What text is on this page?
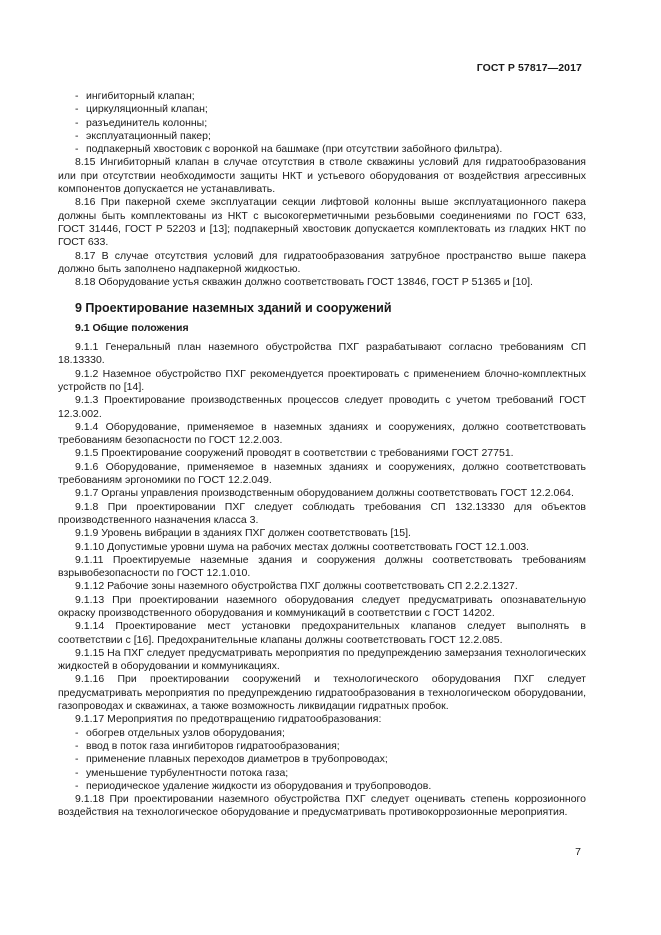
ГОСТ Р 57817—2017
- ингибиторный клапан;
- циркуляционный клапан;
- разъединитель колонны;
- эксплуатационный пакер;
- подпакерный хвостовик с воронкой на башмаке (при отсутствии забойного фильтра).

8.15 Ингибиторный клапан в случае отсутствия в стволе скважины условий для гидратообразования или при отсутствии необходимости защиты НКТ и устьевого оборудования от воздействия агрессивных компонентов допускается не устанавливать.

8.16 При пакерной схеме эксплуатации секции лифтовой колонны выше эксплуатационного пакера должны быть комплектованы из НКТ с высокогерметичными резьбовыми соединениями по ГОСТ 633, ГОСТ 31446, ГОСТ Р 52203 и [13]; подпакерный хвостовик допускается комплектовать из гладких НКТ по ГОСТ 633.

8.17 В случае отсутствия условий для гидратообразования затрубное пространство выше пакера должно быть заполнено надпакерной жидкостью.

8.18 Оборудование устья скважин должно соответствовать ГОСТ 13846, ГОСТ Р 51365 и [10].

9 Проектирование наземных зданий и сооружений
9.1 Общие положения

9.1.1 Генеральный план наземного обустройства ПХГ разрабатывают согласно требованиям СП 18.13330.

9.1.2 Наземное обустройство ПХГ рекомендуется проектировать с применением блочно-комплектных устройств по [14].

9.1.3 Проектирование производственных процессов следует проводить с учетом требований ГОСТ 12.3.002.

9.1.4 Оборудование, применяемое в наземных зданиях и сооружениях, должно соответствовать требованиям безопасности по ГОСТ 12.2.003.

9.1.5 Проектирование сооружений проводят в соответствии с требованиями ГОСТ 27751.

9.1.6 Оборудование, применяемое в наземных зданиях и сооружениях, должно соответствовать требованиям эргономики по ГОСТ 12.2.049.

9.1.7 Органы управления производственным оборудованием должны соответствовать ГОСТ 12.2.064.

9.1.8 При проектировании ПХГ следует соблюдать требования СП 132.13330 для объектов производственного назначения класса 3.

9.1.9 Уровень вибрации в зданиях ПХГ должен соответствовать [15].

9.1.10 Допустимые уровни шума на рабочих местах должны соответствовать ГОСТ 12.1.003.

9.1.11 Проектируемые наземные здания и сооружения должны соответствовать требованиям взрывобезопасности по ГОСТ 12.1.010.

9.1.12 Рабочие зоны наземного обустройства ПХГ должны соответствовать СП 2.2.2.1327.

9.1.13 При проектировании наземного оборудования следует предусматривать опознавательную окраску производственного оборудования и коммуникаций в соответствии с ГОСТ 14202.

9.1.14 Проектирование мест установки предохранительных клапанов следует выполнять в соответствии с [16]. Предохранительные клапаны должны соответствовать ГОСТ 12.2.085.

9.1.15 На ПХГ следует предусматривать мероприятия по предупреждению замерзания технологических жидкостей в оборудовании и коммуникациях.

9.1.16 При проектировании сооружений и технологического оборудования ПХГ следует предусматривать мероприятия по предупреждению гидратообразования в технологическом оборудовании, газопроводах и скважинах, а также возможность ликвидации гидратных пробок.

9.1.17 Мероприятия по предотвращению гидратообразования:

- обогрев отдельных узлов оборудования;
- ввод в поток газа ингибиторов гидратообразования;
- применение плавных переходов диаметров в трубопроводах;
- уменьшение турбулентности потока газа;
- периодическое удаление жидкости из оборудования и трубопроводов.

9.1.18 При проектировании наземного обустройства ПХГ следует оценивать степень коррозионного воздействия на технологическое оборудование и предусматривать противокоррозионные мероприятия.

7
